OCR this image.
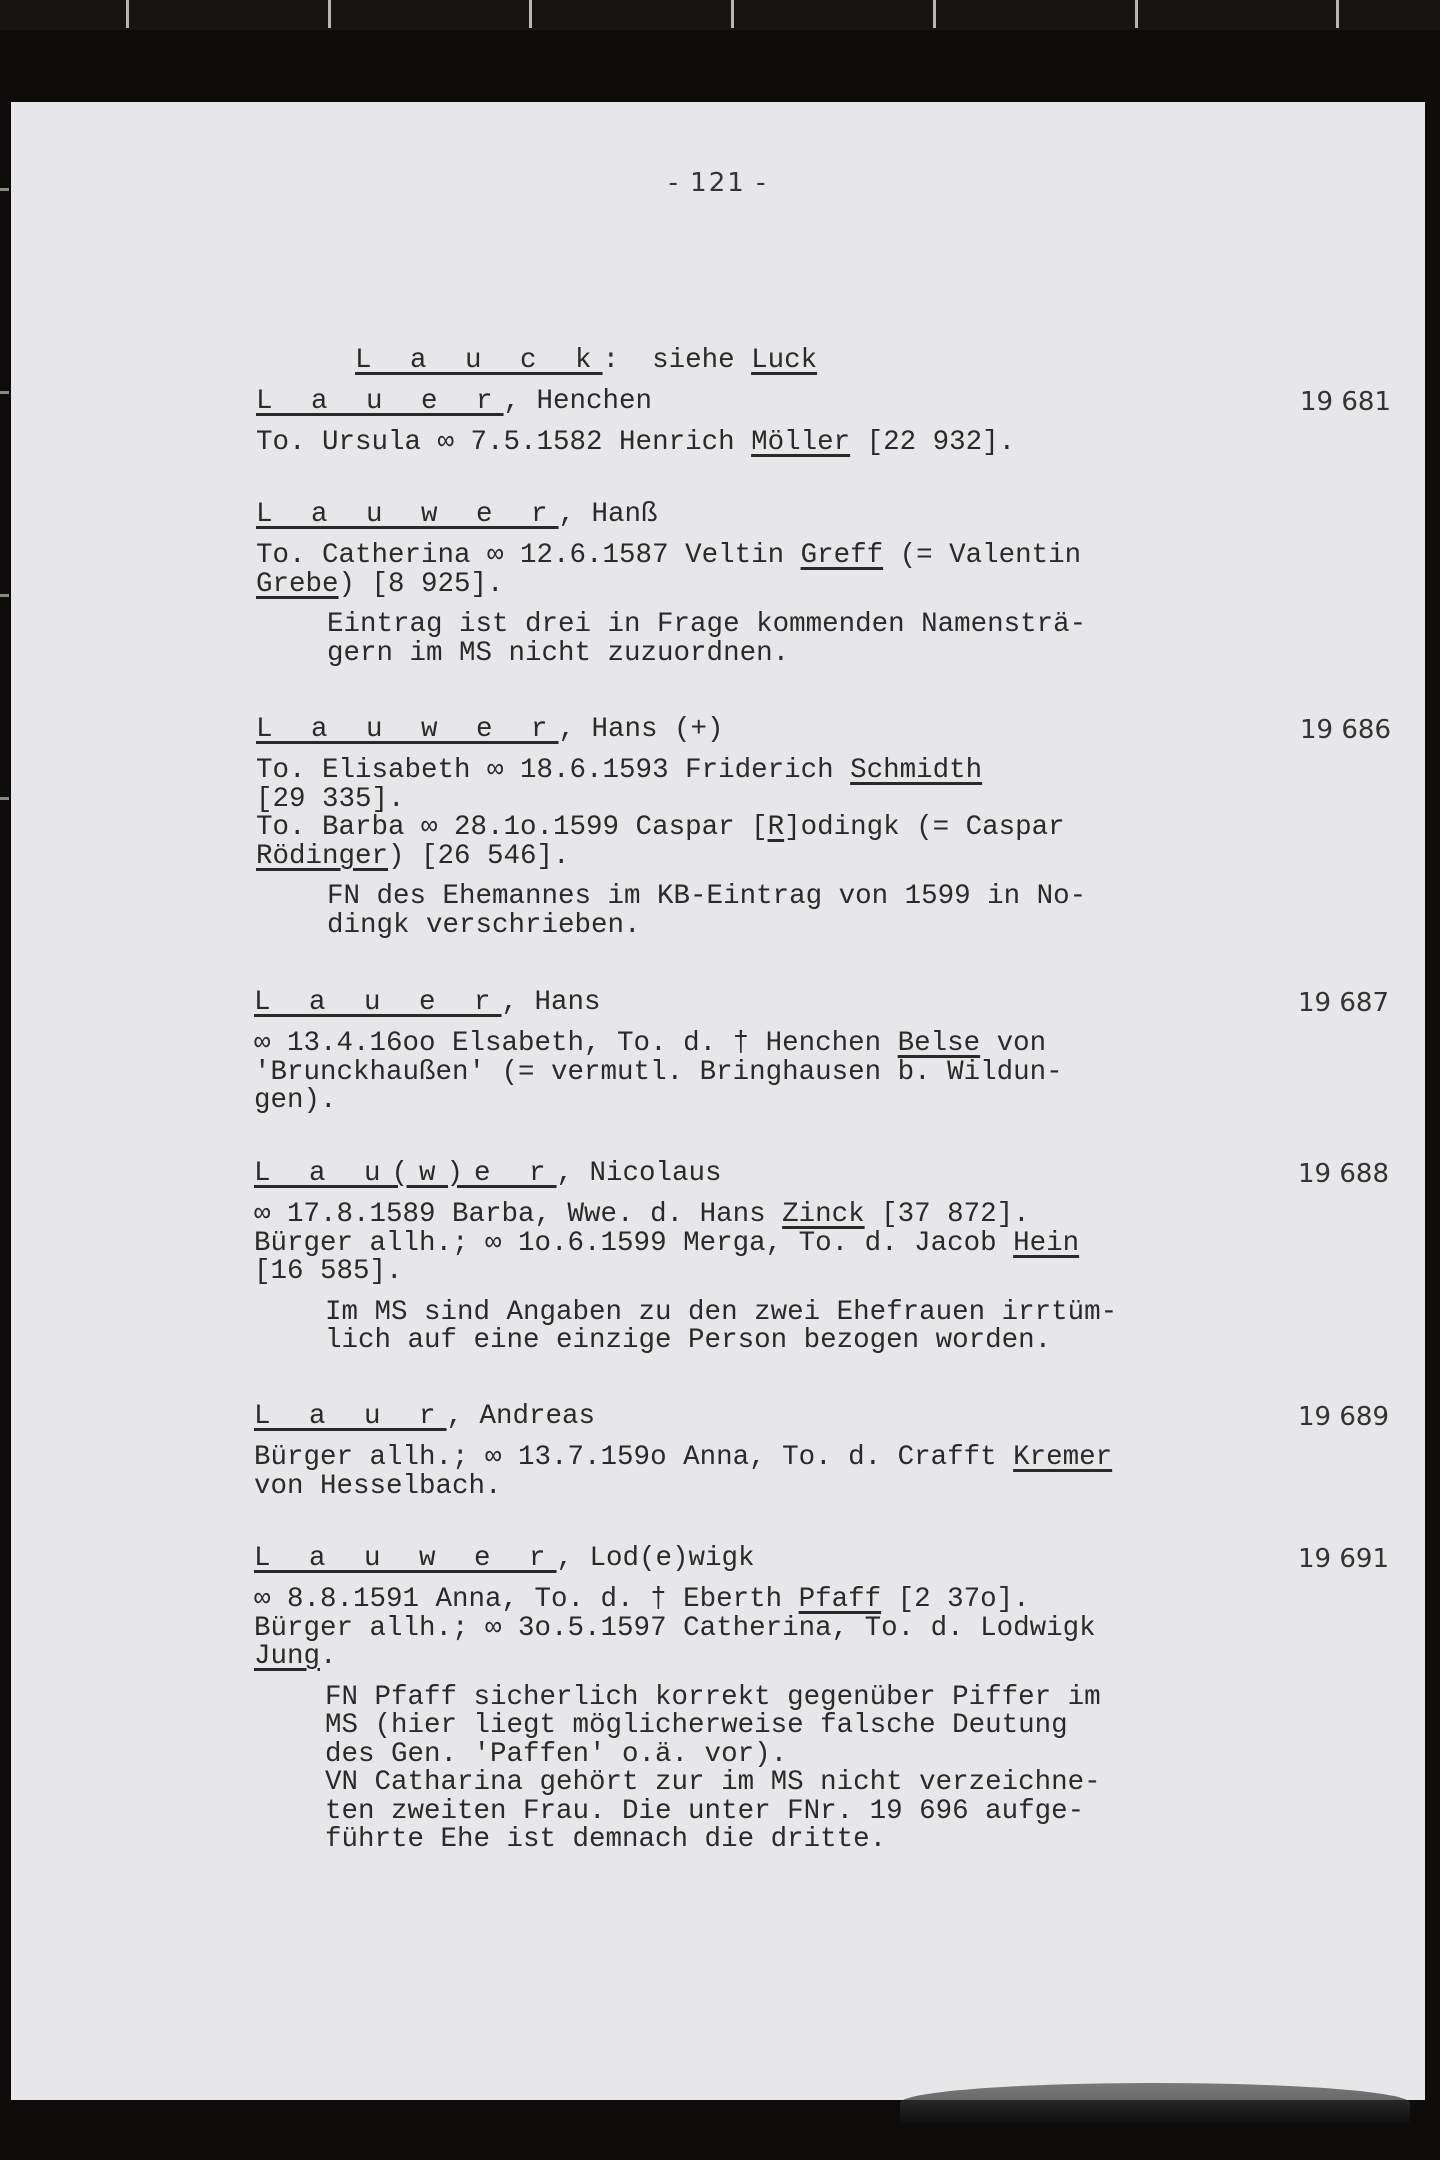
- 121 -

L a u c k:  siehe Luck

L a u e r, Henchen	19 681
To. Ursula ∞ 7.5.1582 Henrich Möller [22 932].
L a u w e r, Hanß
To. Catherina ∞ 12.6.1587 Veltin Greff (= Valentin
Grebe) [8 925].
Eintrag ist drei in Frage kommenden Namensträ-
gern im MS nicht zuzuordnen.
L a u w e r, Hans (+)	19 686
To. Elisabeth ∞ 18.6.1593 Friderich Schmidth
[29 335].
To. Barba ∞ 28.1o.1599 Caspar [R]odingk (= Caspar
Rödinger) [26 546].
FN des Ehemannes im KB-Eintrag von 1599 in No-
dingk verschrieben.
L a u e r, Hans	19 687
∞ 13.4.16oo Elsabeth, To. d. † Henchen Belse von
'Brunckhaußen' (= vermutl. Bringhausen b. Wildun-
gen).
L a u(w)e r, Nicolaus	19 688
∞ 17.8.1589 Barba, Wwe. d. Hans Zinck [37 872].
Bürger allh.; ∞ 1o.6.1599 Merga, To. d. Jacob Hein
[16 585].
Im MS sind Angaben zu den zwei Ehefrauen irrtüm-
lich auf eine einzige Person bezogen worden.
L a u r, Andreas	19 689
Bürger allh.; ∞ 13.7.159o Anna, To. d. Crafft Kremer
von Hesselbach.
L a u w e r, Lod(e)wigk	19 691
∞ 8.8.1591 Anna, To. d. † Eberth Pfaff [2 37o].
Bürger allh.; ∞ 3o.5.1597 Catherina, To. d. Lodwigk
Jung.
FN Pfaff sicherlich korrekt gegenüber Piffer im
MS (hier liegt möglicherweise falsche Deutung
des Gen. 'Paffen' o.ä. vor).
VN Catharina gehört zur im MS nicht verzeichne-
ten zweiten Frau. Die unter FNr. 19 696 aufge-
führte Ehe ist demnach die dritte.
